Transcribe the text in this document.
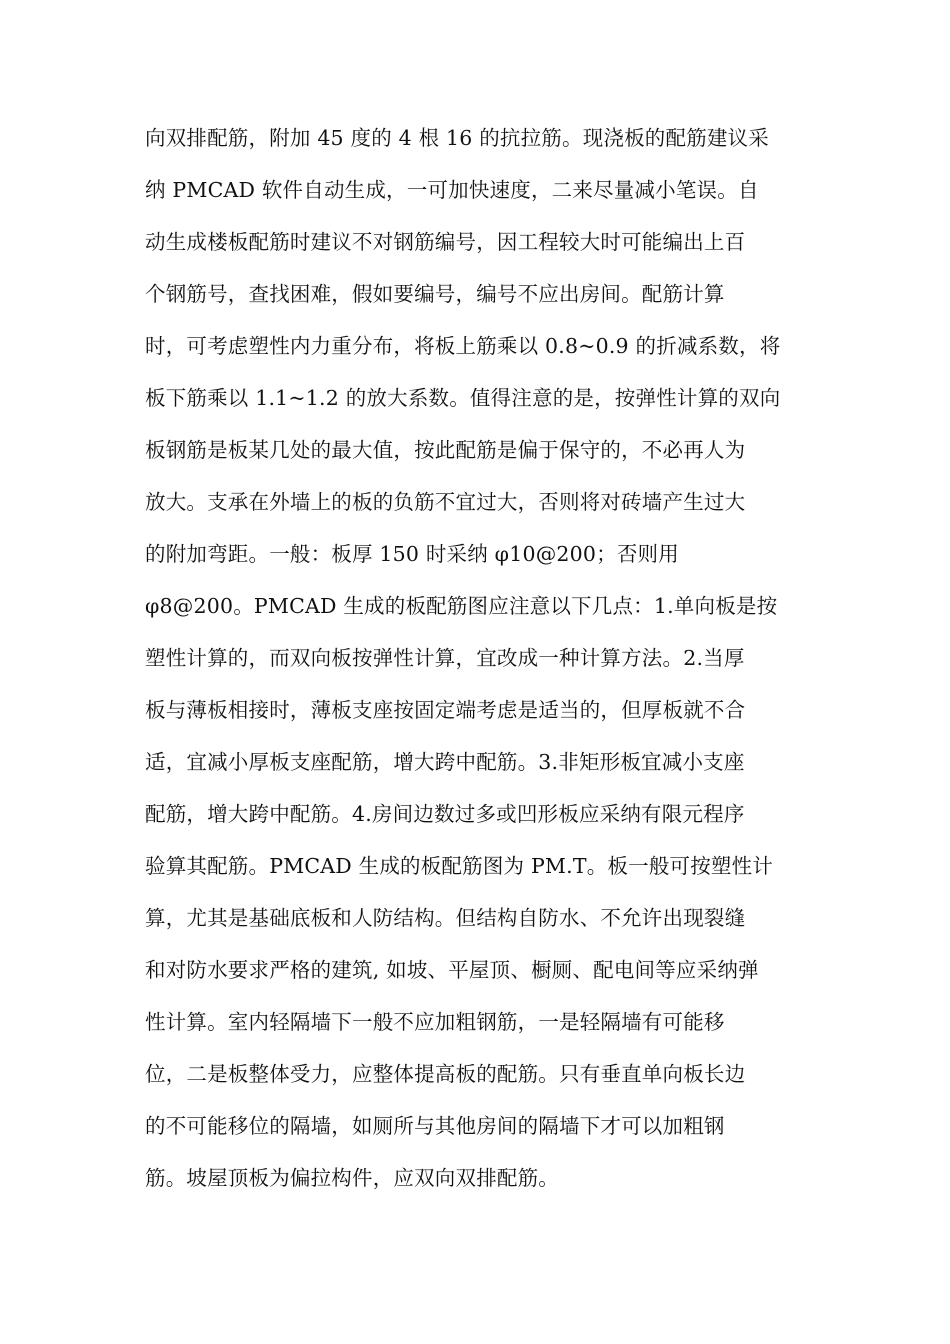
向双排配筋，附加 45 度的 4 根 16 的抗拉筋。现浇板的配筋建议采
纳 PMCAD 软件自动生成，一可加快速度，二来尽量减小笔误。自
动生成楼板配筋时建议不对钢筋编号，因工程较大时可能编出上百
个钢筋号，查找困难，假如要编号，编号不应出房间。配筋计算
时，可考虑塑性内力重分布，将板上筋乘以 0.8~0.9 的折减系数，将
板下筋乘以 1.1~1.2 的放大系数。值得注意的是，按弹性计算的双向
板钢筋是板某几处的最大值，按此配筋是偏于保守的，不必再人为
放大。支承在外墙上的板的负筋不宜过大，否则将对砖墙产生过大
的附加弯距。一般：板厚 150 时采纳 φ10@200；否则用
φ8@200。PMCAD 生成的板配筋图应注意以下几点：1.单向板是按
塑性计算的，而双向板按弹性计算，宜改成一种计算方法。2.当厚
板与薄板相接时，薄板支座按固定端考虑是适当的，但厚板就不合
适，宜减小厚板支座配筋，增大跨中配筋。3.非矩形板宜减小支座
配筋，增大跨中配筋。4.房间边数过多或凹形板应采纳有限元程序
验算其配筋。PMCAD 生成的板配筋图为 PM.T。板一般可按塑性计
算，尤其是基础底板和人防结构。但结构自防水、不允许出现裂缝
和对防水要求严格的建筑, 如坡、平屋顶、橱厕、配电间等应采纳弹
性计算。室内轻隔墙下一般不应加粗钢筋，一是轻隔墙有可能移
位，二是板整体受力，应整体提高板的配筋。只有垂直单向板长边
的不可能移位的隔墙，如厕所与其他房间的隔墙下才可以加粗钢
筋。坡屋顶板为偏拉构件，应双向双排配筋。
